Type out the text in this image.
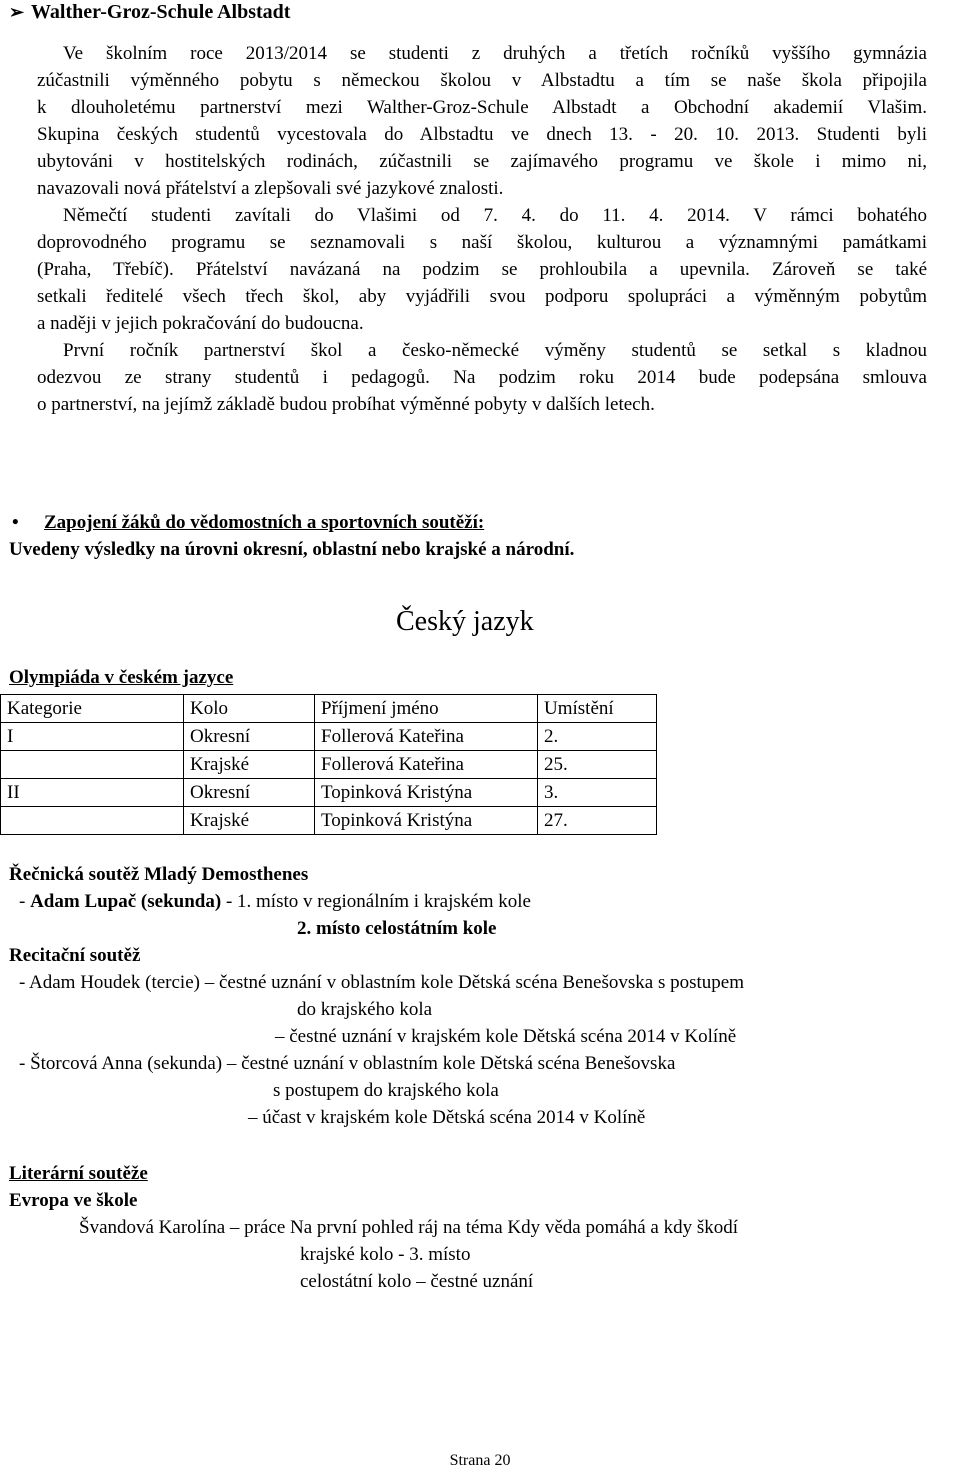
➢ Walther-Groz-Schule Albstadt
Ve školním roce 2013/2014 se studenti z druhých a třetích ročníků vyššího gymnázia
zúčastnili výměnného pobytu s německou školou v Albstadtu a tím se naše škola připojila
k dlouholetému partnerství mezi Walther-Groz-Schule Albstadt a Obchodní akademií Vlašim.
Skupina českých studentů vycestovala do Albstadtu ve dnech 13. - 20. 10. 2013. Studenti byli
ubytováni v hostitelských rodinách, zúčastnili se zajímavého programu ve škole i mimo ni,
navazovali nová přátelství a zlepšovali své jazykové znalosti.
Němečtí studenti zavítali do Vlašimi od 7. 4. do 11. 4. 2014. V rámci bohatého
doprovodného programu se seznamovali s naší školou, kulturou a významnými památkami
(Praha, Třebíč). Přátelství navázaná na podzim se prohloubila a upevnila. Zároveň se také
setkali ředitelé všech třech škol, aby vyjádřili svou podporu spolupráci a výměnným pobytům
a naději v jejich pokračování do budoucna.
První ročník partnerství škol a česko-německé výměny studentů se setkal s kladnou
odezvou ze strany studentů i pedagogů. Na podzim roku 2014 bude podepsána smlouva
o partnerství, na jejímž základě budou probíhat výměnné pobyty v dalších letech.
• Zapojení žáků do vědomostních a sportovních soutěží:
Uvedeny výsledky na úrovni okresní, oblastní nebo krajské a národní.
Český jazyk
Olympiáda v českém jazyce
Kategorie	Kolo	Příjmení jméno	Umístění
I	Okresní	Follerová Kateřina	2.
	Krajské	Follerová Kateřina	25.
II	Okresní	Topinková Kristýna	3.
	Krajské	Topinková Kristýna	27.
Řečnická soutěž Mladý Demosthenes
- Adam Lupač (sekunda) - 1. místo v regionálním i krajském kole
2. místo celostátním kole
Recitační soutěž
- Adam Houdek (tercie) – čestné uznání v oblastním kole Dětská scéna Benešovska s postupem
do krajského kola
– čestné uznání v krajském kole Dětská scéna 2014 v Kolíně
- Štorcová Anna (sekunda) – čestné uznání v oblastním kole Dětská scéna Benešovska
s postupem do krajského kola
– účast v krajském kole Dětská scéna 2014 v Kolíně
Literární soutěže
Evropa ve škole
Švandová Karolína – práce Na první pohled ráj na téma Kdy věda pomáhá a kdy škodí
krajské kolo - 3. místo
celostátní kolo – čestné uznání
Strana 20
